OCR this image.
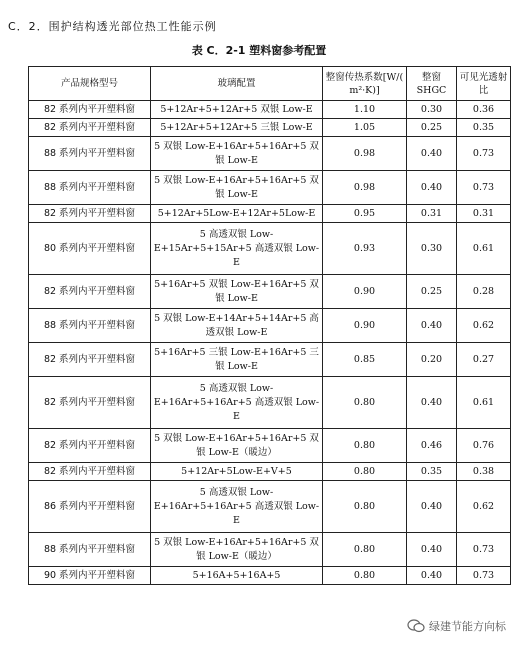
C．2．围护结构透光部位热工性能示例
表 C．2-1 塑料窗参考配置
产品规格型号	玻璃配置	整窗传热系数[W/( m²·K)]	整窗SHGC	可见光透射比
82 系列内平开塑料窗	5+12Ar+5+12Ar+5 双银 Low-E	1.10	0.30	0.36
82 系列内平开塑料窗	5+12Ar+5+12Ar+5 三银 Low-E	1.05	0.25	0.35
88 系列内平开塑料窗	5 双银 Low-E+16Ar+5+16Ar+5 双银 Low-E	0.98	0.40	0.73
88 系列内平开塑料窗	5 双银 Low-E+16Ar+5+16Ar+5 双银 Low-E	0.98	0.40	0.73
82 系列内平开塑料窗	5+12Ar+5Low-E+12Ar+5Low-E	0.95	0.31	0.31
80 系列内平开塑料窗	5 高透双银 Low-E+15Ar+5+15Ar+5 高透双银 Low-E	0.93	0.30	0.61
82 系列内平开塑料窗	5+16Ar+5 双银 Low-E+16Ar+5 双银 Low-E	0.90	0.25	0.28
88 系列内平开塑料窗	5 双银 Low-E+14Ar+5+14Ar+5 高透双银 Low-E	0.90	0.40	0.62
82 系列内平开塑料窗	5+16Ar+5 三银 Low-E+16Ar+5 三银 Low-E	0.85	0.20	0.27
82 系列内平开塑料窗	5 高透双银 Low-E+16Ar+5+16Ar+5 高透双银 Low-E	0.80	0.40	0.61
82 系列内平开塑料窗	5 双银 Low-E+16Ar+5+16Ar+5 双银 Low-E（暖边）	0.80	0.46	0.76
82 系列内平开塑料窗	5+12Ar+5Low-E+V+5	0.80	0.35	0.38
86 系列内平开塑料窗	5 高透双银 Low-E+16Ar+5+16Ar+5 高透双银 Low-E	0.80	0.40	0.62
88 系列内平开塑料窗	5 双银 Low-E+16Ar+5+16Ar+5 双银 Low-E（暖边）	0.80	0.40	0.73
90 系列内平开塑料窗	5+16A+5+16A+5	0.80	0.40	0.73
绿建节能方向标
